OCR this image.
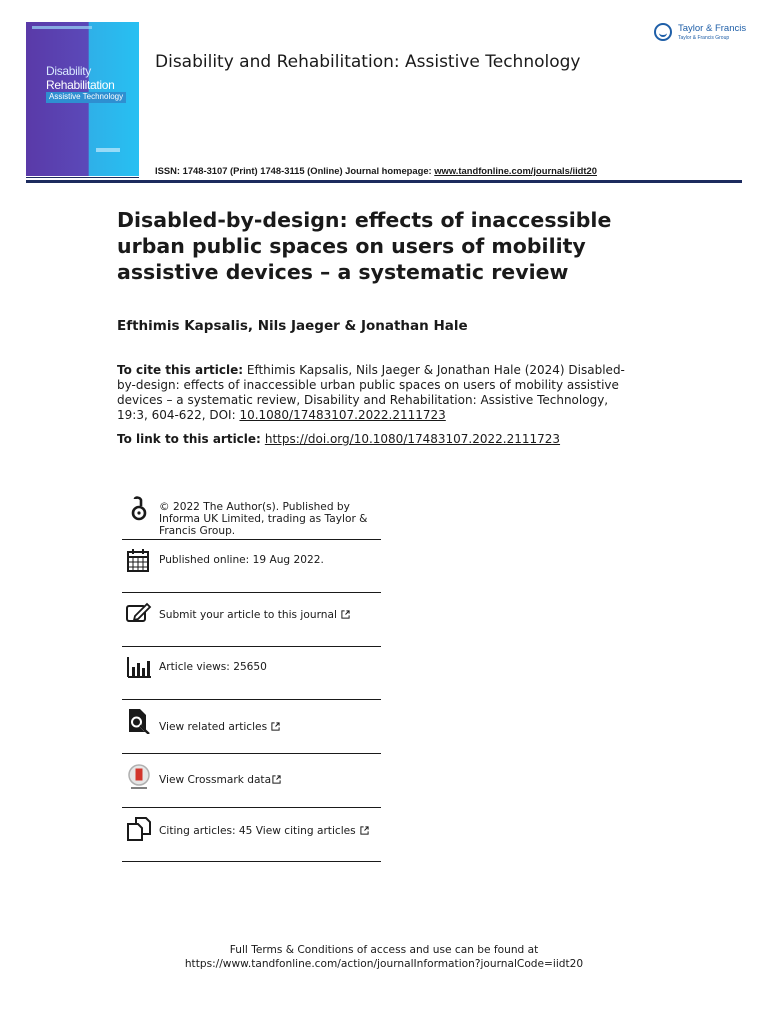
Disability
Rehabilitation
Assistive Technology
Disability and Rehabilitation: Assistive Technology
Taylor & Francis
Taylor & Francis Group
ISSN: 1748-3107 (Print) 1748-3115 (Online) Journal homepage: www.tandfonline.com/journals/iidt20
Disabled-by-design: effects of inaccessible urban public spaces on users of mobility assistive devices – a systematic review
Efthimis Kapsalis, Nils Jaeger & Jonathan Hale
To cite this article: Efthimis Kapsalis, Nils Jaeger & Jonathan Hale (2024) Disabled-by-design: effects of inaccessible urban public spaces on users of mobility assistive devices – a systematic review, Disability and Rehabilitation: Assistive Technology, 19:3, 604-622, DOI: 10.1080/17483107.2022.2111723
To link to this article: https://doi.org/10.1080/17483107.2022.2111723
© 2022 The Author(s). Published by Informa UK Limited, trading as Taylor & Francis Group.
Published online: 19 Aug 2022.
Submit your article to this journal
Article views: 25650
View related articles
View Crossmark data
Citing articles: 45 View citing articles
Full Terms & Conditions of access and use can be found at
https://www.tandfonline.com/action/journalInformation?journalCode=iidt20
